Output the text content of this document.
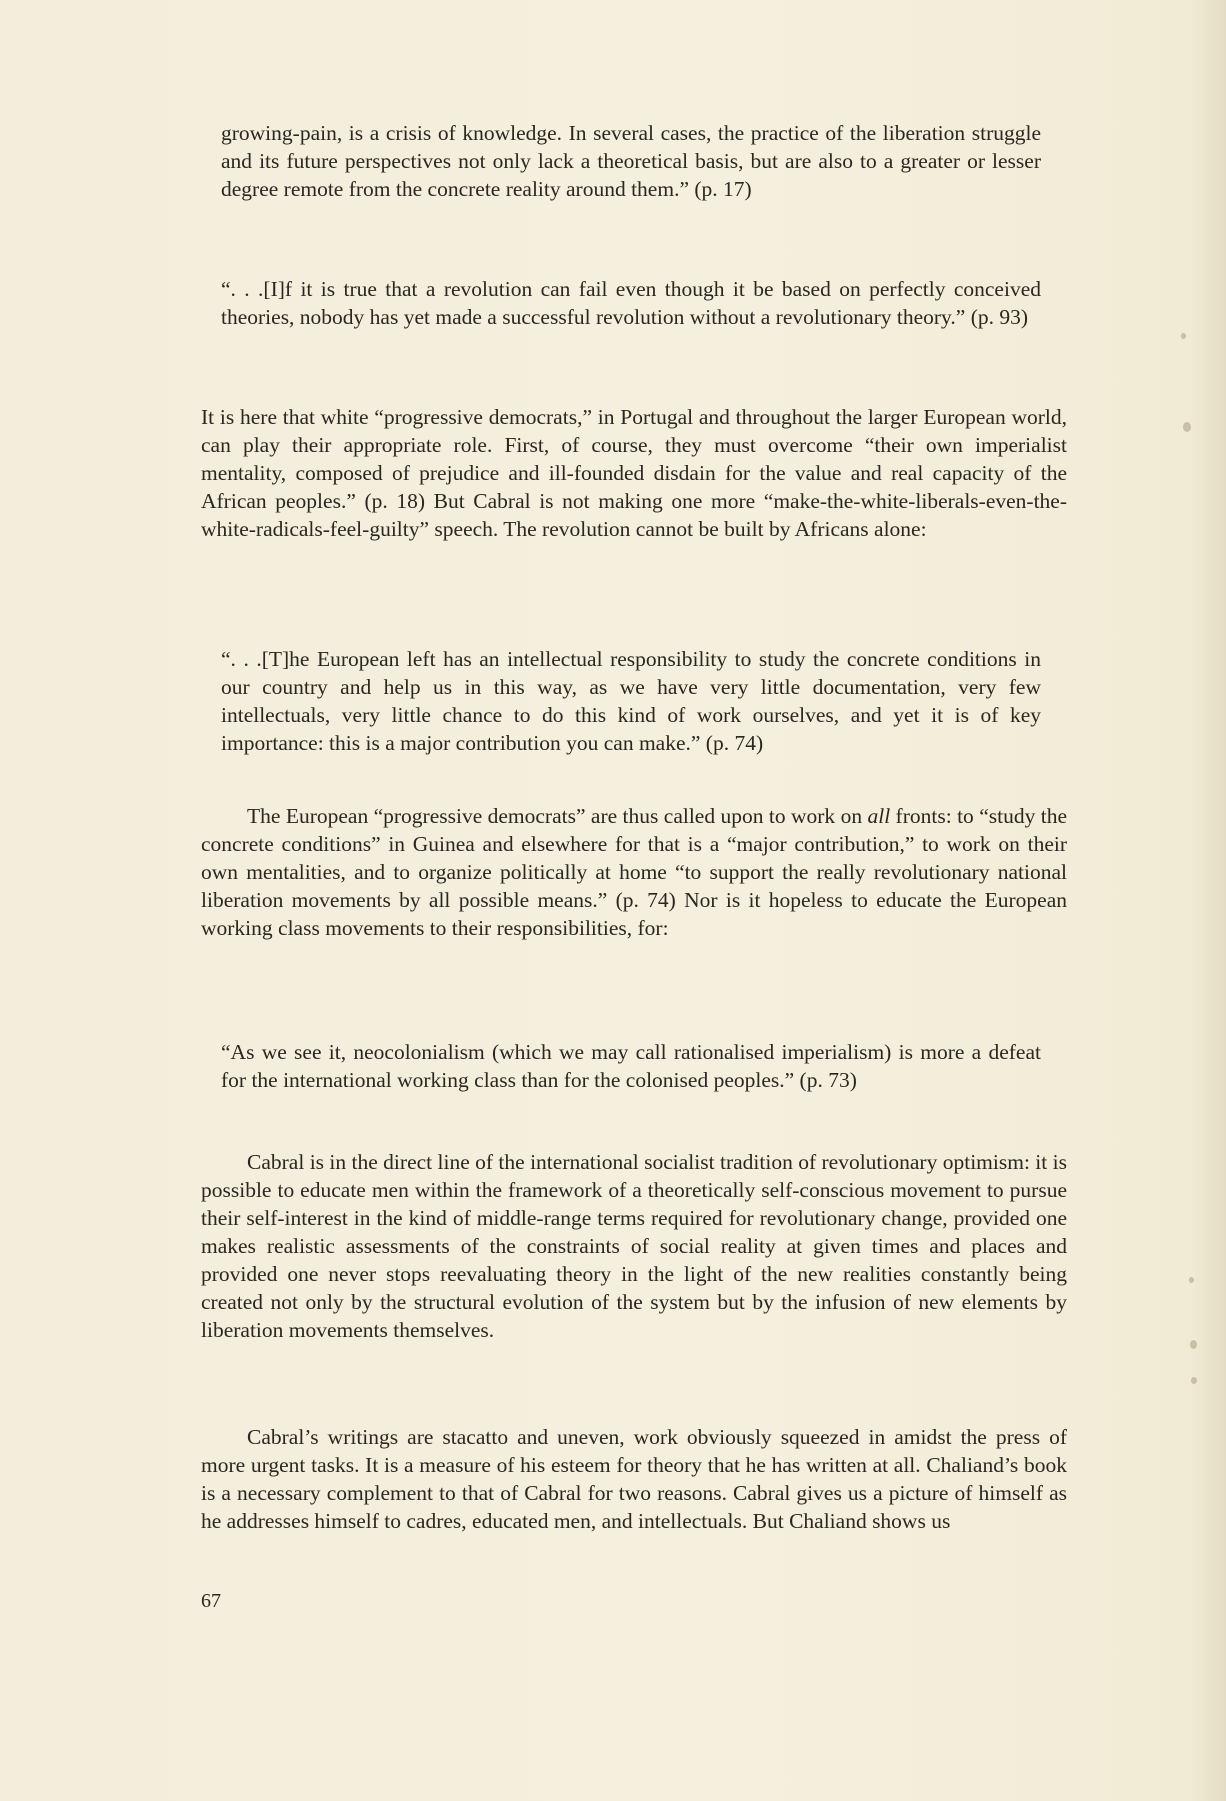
growing-pain, is a crisis of knowledge. In several cases, the practice of the liberation struggle and its future perspectives not only lack a theoretical basis, but are also to a greater or lesser degree remote from the concrete reality around them.” (p. 17)

“. . .[I]f it is true that a revolution can fail even though it be based on perfectly conceived theories, nobody has yet made a successful revolution without a revolutionary theory.” (p. 93)

It is here that white “progressive democrats,” in Portugal and throughout the larger European world, can play their appropriate role. First, of course, they must overcome “their own imperialist mentality, composed of prejudice and ill-founded disdain for the value and real capacity of the African peoples.” (p. 18) But Cabral is not making one more “make-the-white-liberals-even-the-white-radicals-feel-guilty” speech. The revolution cannot be built by Africans alone:

“. . .[T]he European left has an intellectual responsibility to study the concrete conditions in our country and help us in this way, as we have very little documentation, very few intellectuals, very little chance to do this kind of work ourselves, and yet it is of key importance: this is a major contribution you can make.” (p. 74)

The European “progressive democrats” are thus called upon to work on all fronts: to “study the concrete conditions” in Guinea and elsewhere for that is a “major contribution,” to work on their own mentalities, and to organize politically at home “to support the really revolutionary national liberation movements by all possible means.” (p. 74) Nor is it hopeless to educate the European working class movements to their responsibilities, for:

“As we see it, neocolonialism (which we may call rationalised imperialism) is more a defeat for the international working class than for the colonised peoples.” (p. 73)

Cabral is in the direct line of the international socialist tradition of revolutionary optimism: it is possible to educate men within the framework of a theoretically self-conscious movement to pursue their self-interest in the kind of middle-range terms required for revolutionary change, provided one makes realistic assessments of the constraints of social reality at given times and places and provided one never stops reevaluating theory in the light of the new realities constantly being created not only by the structural evolution of the system but by the infusion of new elements by liberation movements themselves.

Cabral’s writings are stacatto and uneven, work obviously squeezed in amidst the press of more urgent tasks. It is a measure of his esteem for theory that he has written at all. Chaliand’s book is a necessary complement to that of Cabral for two reasons. Cabral gives us a picture of himself as he addresses himself to cadres, educated men, and intellectuals. But Chaliand shows us

67
